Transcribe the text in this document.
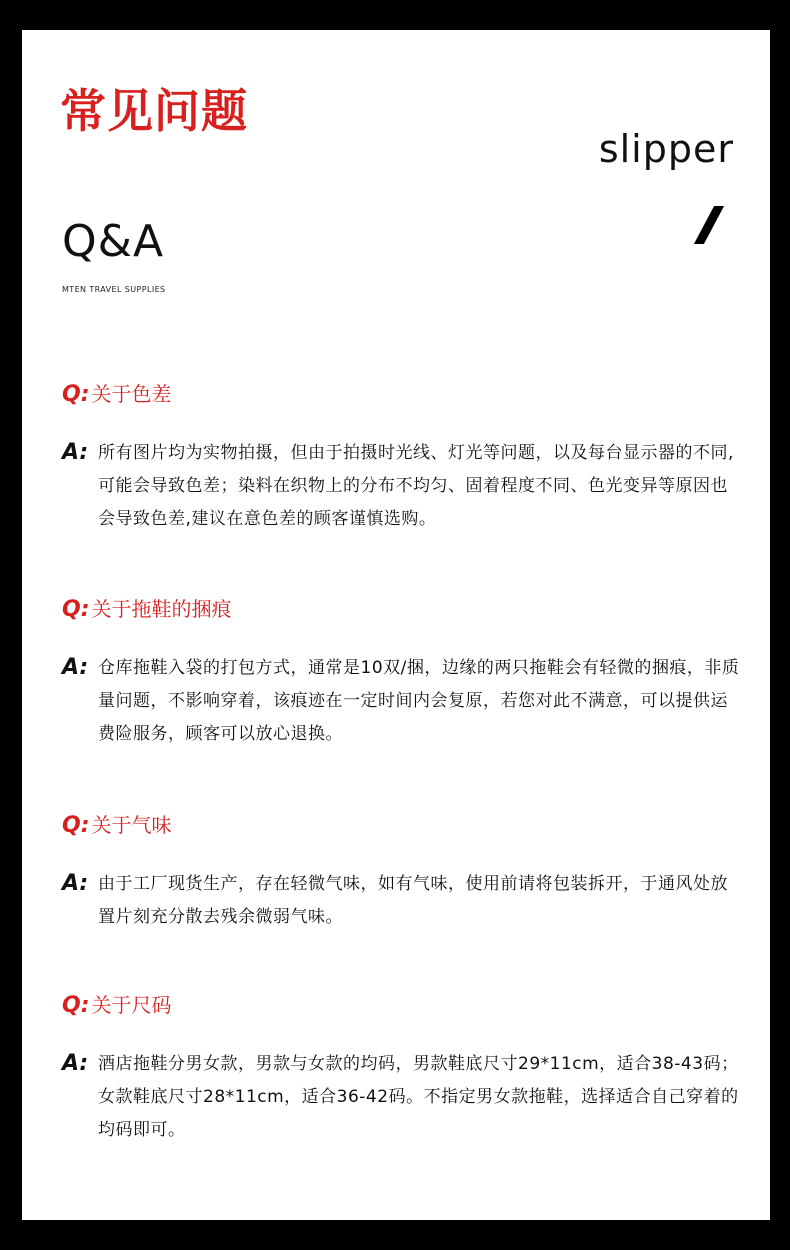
常见问题
slipper
Q&A
MTEN TRAVEL SUPPLIES
Q: 关于色差
A: 所有图片均为实物拍摄，但由于拍摄时光线、灯光等问题，以及每台显示器的不同,可能会导致色差；染料在织物上的分布不均匀、固着程度不同、色光变异等原因也会导致色差,建议在意色差的顾客谨慎选购。
Q: 关于拖鞋的捆痕
A: 仓库拖鞋入袋的打包方式，通常是10双/捆，边缘的两只拖鞋会有轻微的捆痕，非质量问题，不影响穿着，该痕迹在一定时间内会复原，若您对此不满意，可以提供运费险服务，顾客可以放心退换。
Q: 关于气味
A: 由于工厂现货生产，存在轻微气味，如有气味，使用前请将包装拆开，于通风处放置片刻充分散去残余微弱气味。
Q: 关于尺码
A: 酒店拖鞋分男女款，男款与女款的均码，男款鞋底尺寸29*11cm，适合38-43码；女款鞋底尺寸28*11cm，适合36-42码。不指定男女款拖鞋，选择适合自己穿着的均码即可。
